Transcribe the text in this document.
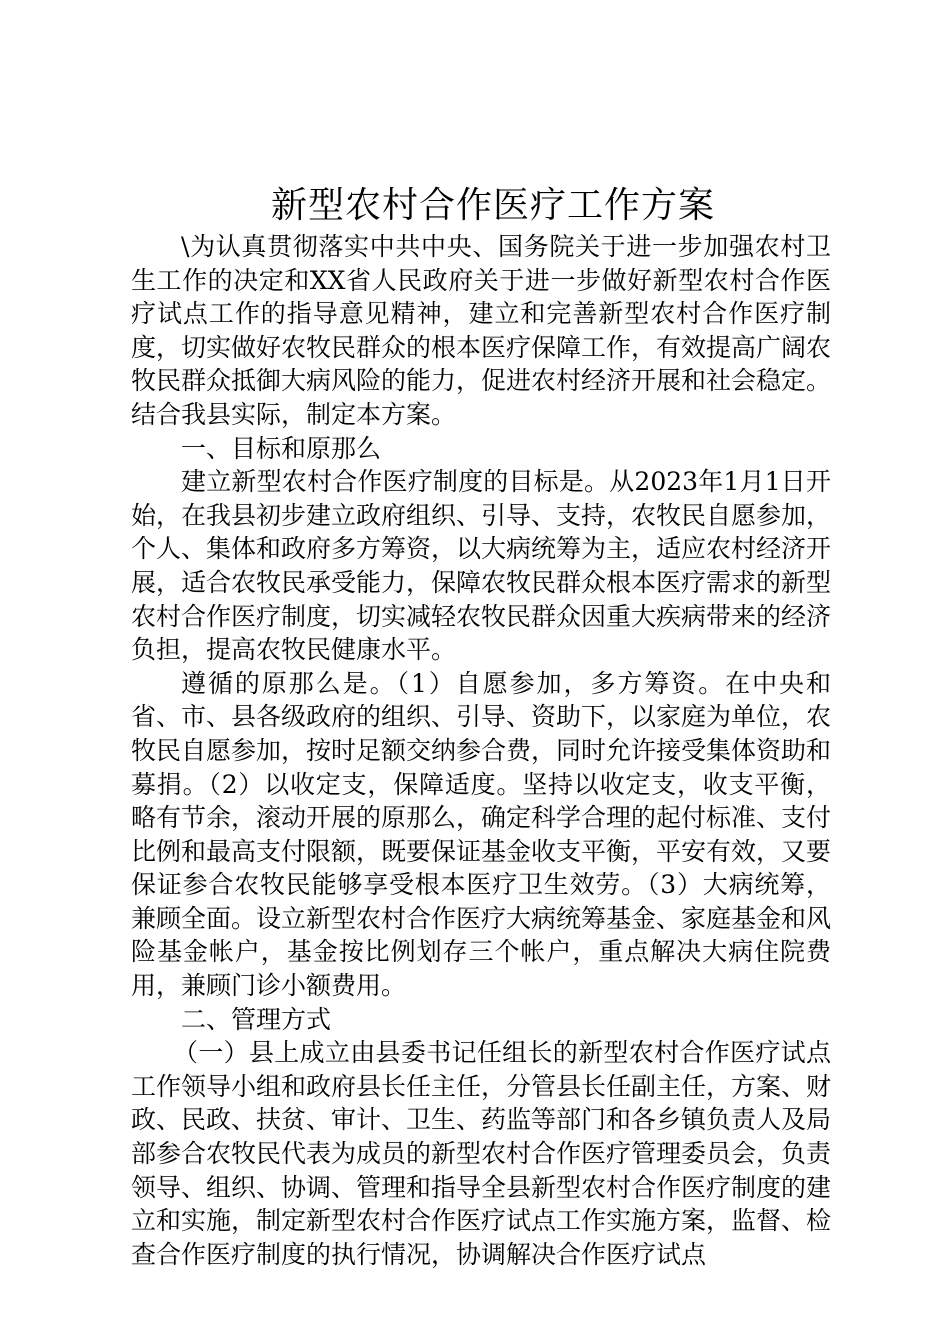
新型农村合作医疗工作方案

\为认真贯彻落实中共中央、国务院关于进一步加强农村卫生工作的决定和XX省人民政府关于进一步做好新型农村合作医疗试点工作的指导意见精神，建立和完善新型农村合作医疗制度，切实做好农牧民群众的根本医疗保障工作，有效提高广阔农牧民群众抵御大病风险的能力，促进农村经济开展和社会稳定。结合我县实际，制定本方案。

一、目标和原那么

建立新型农村合作医疗制度的目标是。从2023年1月1日开始，在我县初步建立政府组织、引导、支持，农牧民自愿参加，个人、集体和政府多方筹资，以大病统筹为主，适应农村经济开展，适合农牧民承受能力，保障农牧民群众根本医疗需求的新型农村合作医疗制度，切实减轻农牧民群众因重大疾病带来的经济负担，提高农牧民健康水平。

遵循的原那么是。（1）自愿参加，多方筹资。在中央和省、市、县各级政府的组织、引导、资助下，以家庭为单位，农牧民自愿参加，按时足额交纳参合费，同时允许接受集体资助和募捐。（2）以收定支，保障适度。坚持以收定支，收支平衡，略有节余，滚动开展的原那么，确定科学合理的起付标准、支付比例和最高支付限额，既要保证基金收支平衡，平安有效，又要保证参合农牧民能够享受根本医疗卫生效劳。（3）大病统筹，兼顾全面。设立新型农村合作医疗大病统筹基金、家庭基金和风险基金帐户，基金按比例划存三个帐户，重点解决大病住院费用，兼顾门诊小额费用。

二、管理方式

（一）县上成立由县委书记任组长的新型农村合作医疗试点工作领导小组和政府县长任主任，分管县长任副主任，方案、财政、民政、扶贫、审计、卫生、药监等部门和各乡镇负责人及局部参合农牧民代表为成员的新型农村合作医疗管理委员会，负责领导、组织、协调、管理和指导全县新型农村合作医疗制度的建立和实施，制定新型农村合作医疗试点工作实施方案，监督、检查合作医疗制度的执行情况，协调解决合作医疗试点
